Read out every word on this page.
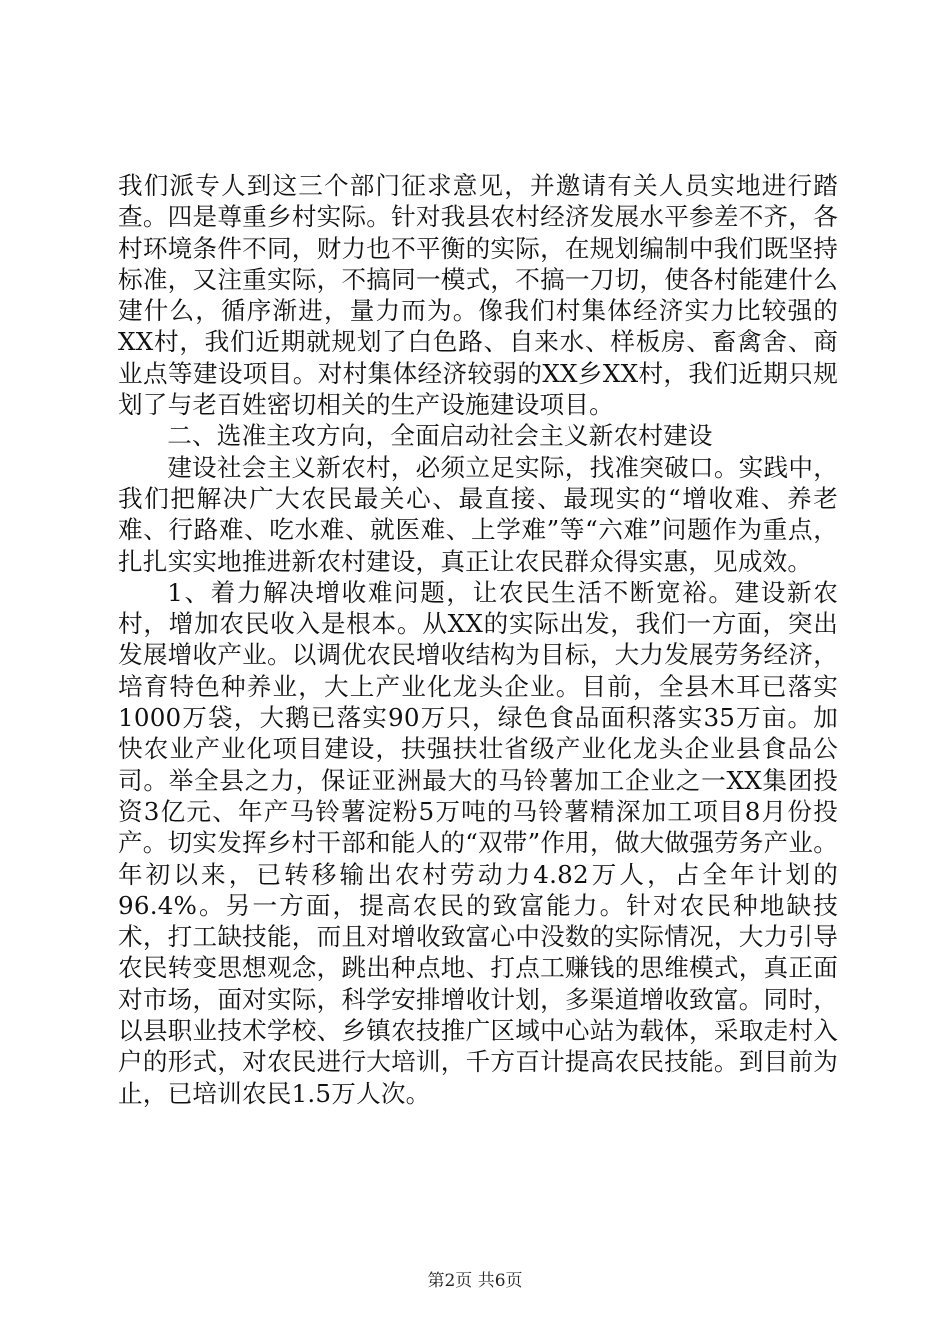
我们派专人到这三个部门征求意见，并邀请有关人员实地进行踏查。四是尊重乡村实际。针对我县农村经济发展水平参差不齐，各村环境条件不同，财力也不平衡的实际，在规划编制中我们既坚持标准，又注重实际，不搞同一模式，不搞一刀切，使各村能建什么建什么，循序渐进，量力而为。像我们村集体经济实力比较强的XX村，我们近期就规划了白色路、自来水、样板房、畜禽舍、商业点等建设项目。对村集体经济较弱的XX乡XX村，我们近期只规划了与老百姓密切相关的生产设施建设项目。

二、选准主攻方向，全面启动社会主义新农村建设

建设社会主义新农村，必须立足实际，找准突破口。实践中，我们把解决广大农民最关心、最直接、最现实的“增收难、养老难、行路难、吃水难、就医难、上学难”等“六难”问题作为重点，扎扎实实地推进新农村建设，真正让农民群众得实惠，见成效。

1、着力解决增收难问题，让农民生活不断宽裕。建设新农村，增加农民收入是根本。从XX的实际出发，我们一方面，突出发展增收产业。以调优农民增收结构为目标，大力发展劳务经济，培育特色种养业，大上产业化龙头企业。目前，全县木耳已落实1000万袋，大鹅已落实90万只，绿色食品面积落实35万亩。加快农业产业化项目建设，扶强扶壮省级产业化龙头企业县食品公司。举全县之力，保证亚洲最大的马铃薯加工企业之一XX集团投资3亿元、年产马铃薯淀粉5万吨的马铃薯精深加工项目8月份投产。切实发挥乡村干部和能人的“双带”作用，做大做强劳务产业。年初以来，已转移输出农村劳动力4.82万人，占全年计划的96.4%。另一方面，提高农民的致富能力。针对农民种地缺技术，打工缺技能，而且对增收致富心中没数的实际情况，大力引导农民转变思想观念，跳出种点地、打点工赚钱的思维模式，真正面对市场，面对实际，科学安排增收计划，多渠道增收致富。同时，以县职业技术学校、乡镇农技推广区域中心站为载体，采取走村入户的形式，对农民进行大培训，千方百计提高农民技能。到目前为止，已培训农民1.5万人次。

第2页 共6页
